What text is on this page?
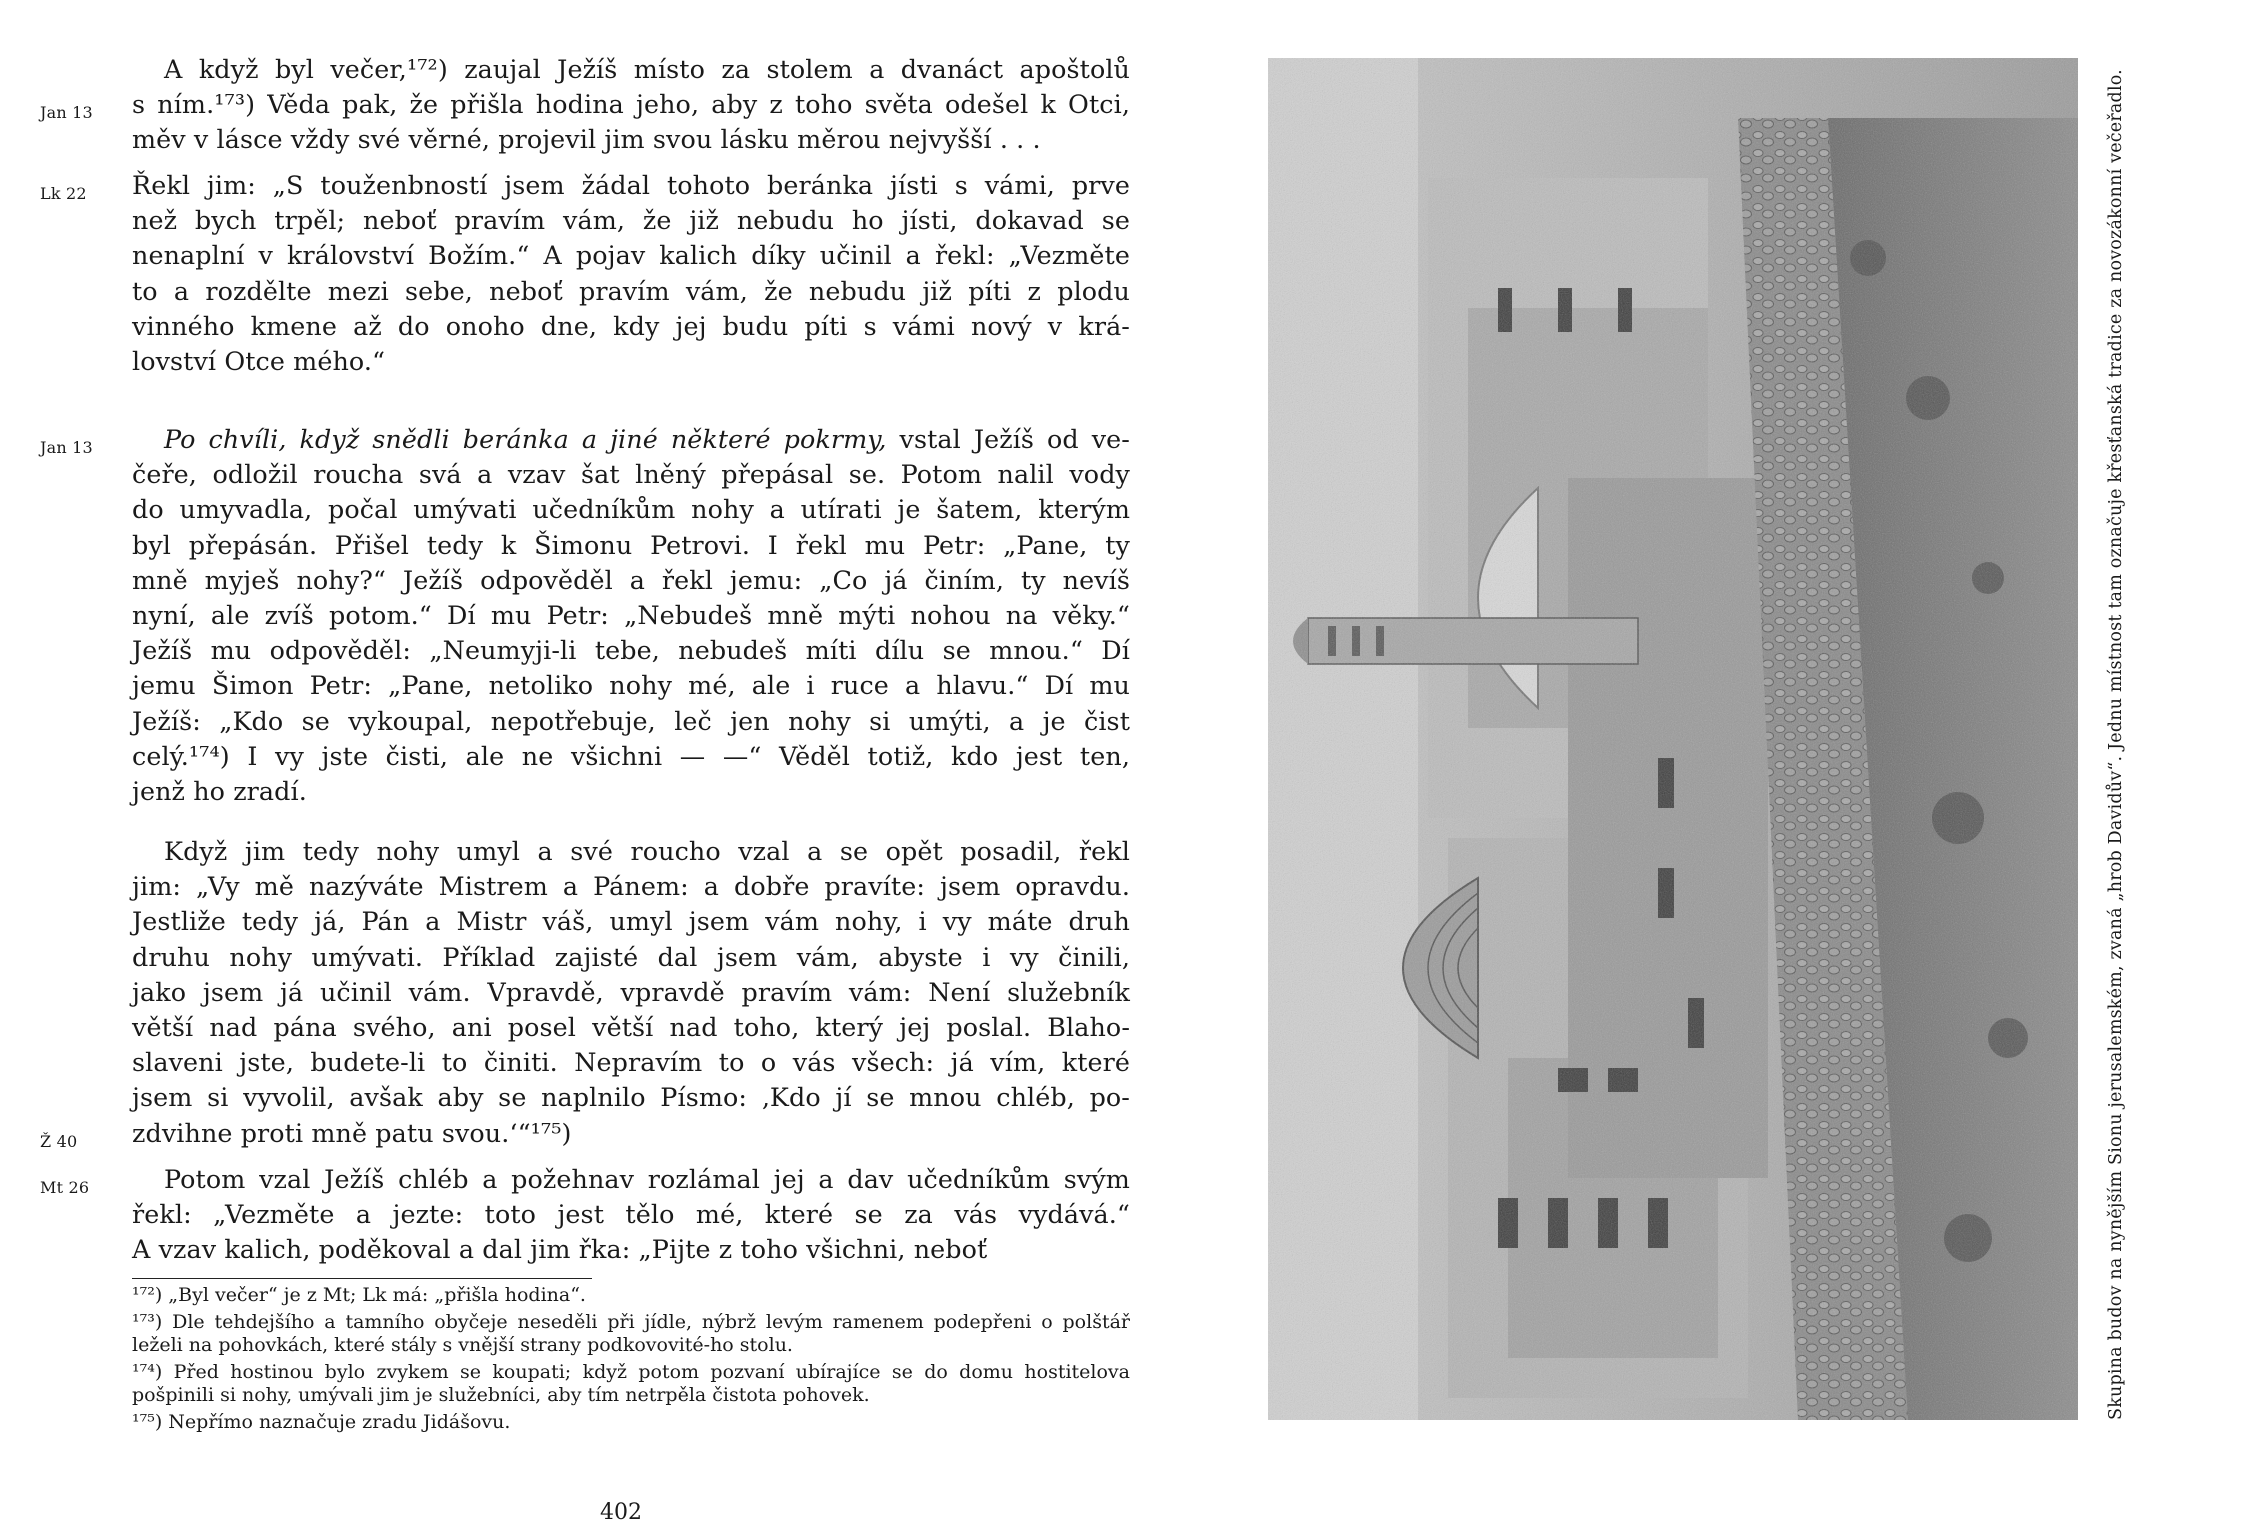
Jan 13
A když byl večer,¹⁷²) zaujal Ježíš místo za stolem a dvanáct apoštolů
s ním.¹⁷³) Věda pak, že přišla hodina jeho, aby z toho světa odešel k Otci,
měv v lásce vždy své věrné, projevil jim svou lásku měrou nejvyšší . . .
Lk 22 Řekl jim: „S touženbností jsem žádal tohoto beránka jísti s vámi, prve
než bych trpěl; neboť pravím vám, že již nebudu ho jísti, dokavad se
nenaplní v království Božím.“ A pojav kalich díky učinil a řekl: „Vezměte
to a rozdělte mezi sebe, neboť pravím vám, že nebudu již píti z plodu
vinného kmene až do onoho dne, kdy jej budu píti s vámi nový v krá-
lovství Otce mého.“
Jan 13	Po chvíli, když snědli beránka a jiné některé pokrmy, vstal Ježíš od ve-
čeře, odložil roucha svá a vzav šat lněný přepásal se. Potom nalil vody
do umyvadla, počal umývati učedníkům nohy a utírati je šatem, kterým
byl přepásán. Přišel tedy k Šimonu Petrovi. I řekl mu Petr: „Pane, ty
mně myješ nohy?“ Ježíš odpověděl a řekl jemu: „Co já činím, ty nevíš
nyní, ale zvíš potom.“ Dí mu Petr: „Nebudeš mně mýti nohou na věky.“
Ježíš mu odpověděl: „Neumyji-li tebe, nebudeš míti dílu se mnou.“ Dí
jemu Šimon Petr: „Pane, netoliko nohy mé, ale i ruce a hlavu.“ Dí mu
Ježíš: „Kdo se vykoupal, nepotřebuje, leč jen nohy si umýti, a je čist
celý.¹⁷⁴) I vy jste čisti, ale ne všichni — —“ Věděl totiž, kdo jest ten,
jenž ho zradí.
Ž 40
Když jim tedy nohy umyl a své roucho vzal a se opět posadil, řekl
jim: „Vy mě nazýváte Mistrem a Pánem: a dobře pravíte: jsem opravdu.
Jestliže tedy já, Pán a Mistr váš, umyl jsem vám nohy, i vy máte druh
druhu nohy umývati. Příklad zajisté dal jsem vám, abyste i vy činili,
jako jsem já učinil vám. Vpravdě, vpravdě pravím vám: Není služebník
větší nad pána svého, ani posel větší nad toho, který jej poslal. Blaho-
slaveni jste, budete-li to činiti. Nepravím to o vás všech: já vím, které
jsem si vyvolil, avšak aby se naplnilo Písmo: ‚Kdo jí se mnou chléb, po-
zdvihne proti mně patu svou.‘“¹⁷⁵)
Mt 26	Potom vzal Ježíš chléb a požehnav rozlámal jej a dav učedníkům svým
řekl: „Vezměte a jezte: toto jest tělo mé, které se za vás vydává.“
A vzav kalich, poděkoval a dal jim řka: „Pijte z toho všichni, neboť
¹⁷²) „Byl večer“ je z Mt; Lk má: „přišla hodina“.
¹⁷³) Dle tehdejšího a tamního obyčeje neseděli při jídle, nýbrž levým ramenem podepřeni o polštář leželi na pohovkách, které stály s vnější strany podkovovité-ho stolu.
¹⁷⁴) Před hostinou bylo zvykem se koupati; když potom pozvaní ubírajíce se do domu hostitelova pošpinili si nohy, umývali jim je služebníci, aby tím netrpěla čistota pohovek.
¹⁷⁵) Nepřímo naznačuje zradu Jidášovu.
402
Skupina budov na nynějším Sionu jerusalemském, zvaná „hrob Davidův“. Jednu místnost tam označuje křesťanská tradice za novozákonní večeřadlo.
